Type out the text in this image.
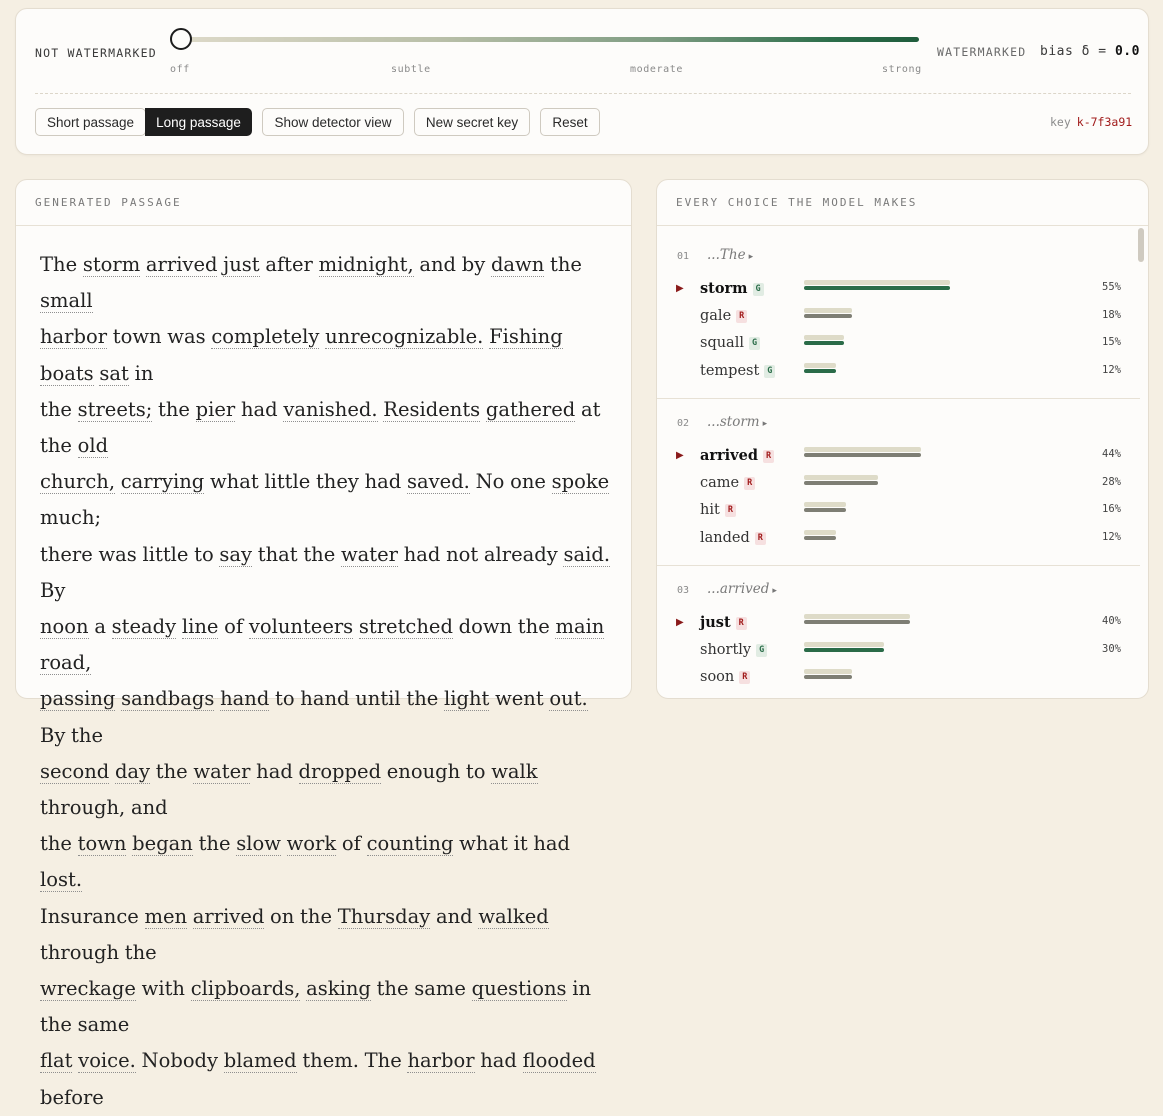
NOT WATERMARKED
off	subtle	moderate	strong
WATERMARKED bias δ = 0.0
Short passage	Long passage	Show detector view	New secret key	Reset	key k-7f3a91
GENERATED PASSAGE
The storm arrived just after midnight, and by dawn the small
harbor town was completely unrecognizable. Fishing boats sat in
the streets; the pier had vanished. Residents gathered at the old
church, carrying what little they had saved. No one spoke much;
there was little to say that the water had not already said. By
noon a steady line of volunteers stretched down the main road,
passing sandbags hand to hand until the light went out. By the
second day the water had dropped enough to walk through, and
the town began the slow work of counting what it had lost.
Insurance men arrived on the Thursday and walked through the
wreckage with clipboards, asking the same questions in the same
flat voice. Nobody blamed them. The harbor had flooded before
EVERY CHOICE THE MODEL MAKES
01 ...The ▸
▶ storm G	55%
gale R	18%
squall G	15%
tempest G	12%
02 ...storm ▸
▶ arrived R	44%
came R	28%
hit R	16%
landed R	12%
03 ...arrived ▸
▶ just R	40%
shortly G	30%
soon R
